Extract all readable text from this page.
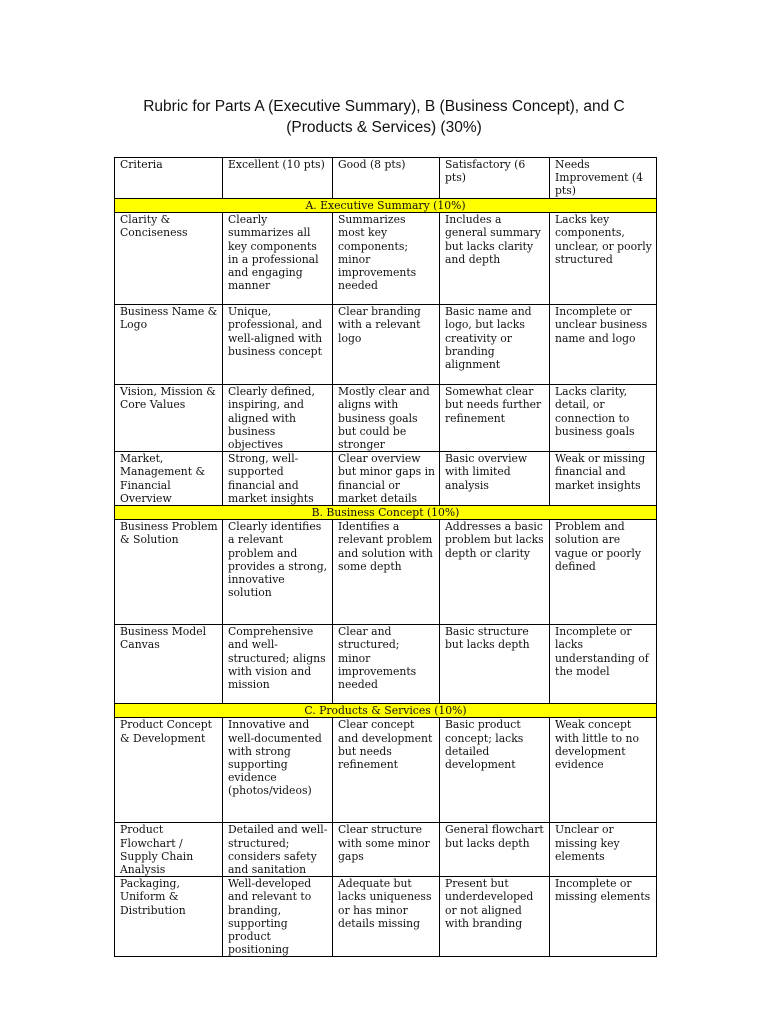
Rubric for Parts A (Executive Summary), B (Business Concept), and C
(Products & Services) (30%)
Criteria	Excellent (10 pts)	Good (8 pts)	Satisfactory (6 pts)	Needs Improvement (4 pts)
A. Executive Summary (10%)				
Clarity & Conciseness	Clearly summarizes all key components in a professional and engaging manner	Summarizes most key components; minor improvements needed	Includes a general summary but lacks clarity and depth	Lacks key components, unclear, or poorly structured
Business Name & Logo	Unique, professional, and well-aligned with business concept	Clear branding with a relevant logo	Basic name and logo, but lacks creativity or branding alignment	Incomplete or unclear business name and logo
Vision, Mission & Core Values	Clearly defined, inspiring, and aligned with business objectives	Mostly clear and aligns with business goals but could be stronger	Somewhat clear but needs further refinement	Lacks clarity, detail, or connection to business goals
Market, Management & Financial Overview	Strong, well-supported financial and market insights	Clear overview but minor gaps in financial or market details	Basic overview with limited analysis	Weak or missing financial and market insights
B. Business Concept (10%)				
Business Problem & Solution	Clearly identifies a relevant problem and provides a strong, innovative solution	Identifies a relevant problem and solution with some depth	Addresses a basic problem but lacks depth or clarity	Problem and solution are vague or poorly defined
Business Model Canvas	Comprehensive and well-structured; aligns with vision and mission	Clear and structured; minor improvements needed	Basic structure but lacks depth	Incomplete or lacks understanding of the model
C. Products & Services (10%)				
Product Concept & Development	Innovative and well-documented with strong supporting evidence (photos/videos)	Clear concept and development but needs refinement	Basic product concept; lacks detailed development	Weak concept with little to no development evidence
Product Flowchart / Supply Chain Analysis	Detailed and well-structured; considers safety and sanitation	Clear structure with some minor gaps	General flowchart but lacks depth	Unclear or missing key elements
Packaging, Uniform & Distribution	Well-developed and relevant to branding, supporting product positioning	Adequate but lacks uniqueness or has minor details missing	Present but underdeveloped or not aligned with branding	Incomplete or missing elements
